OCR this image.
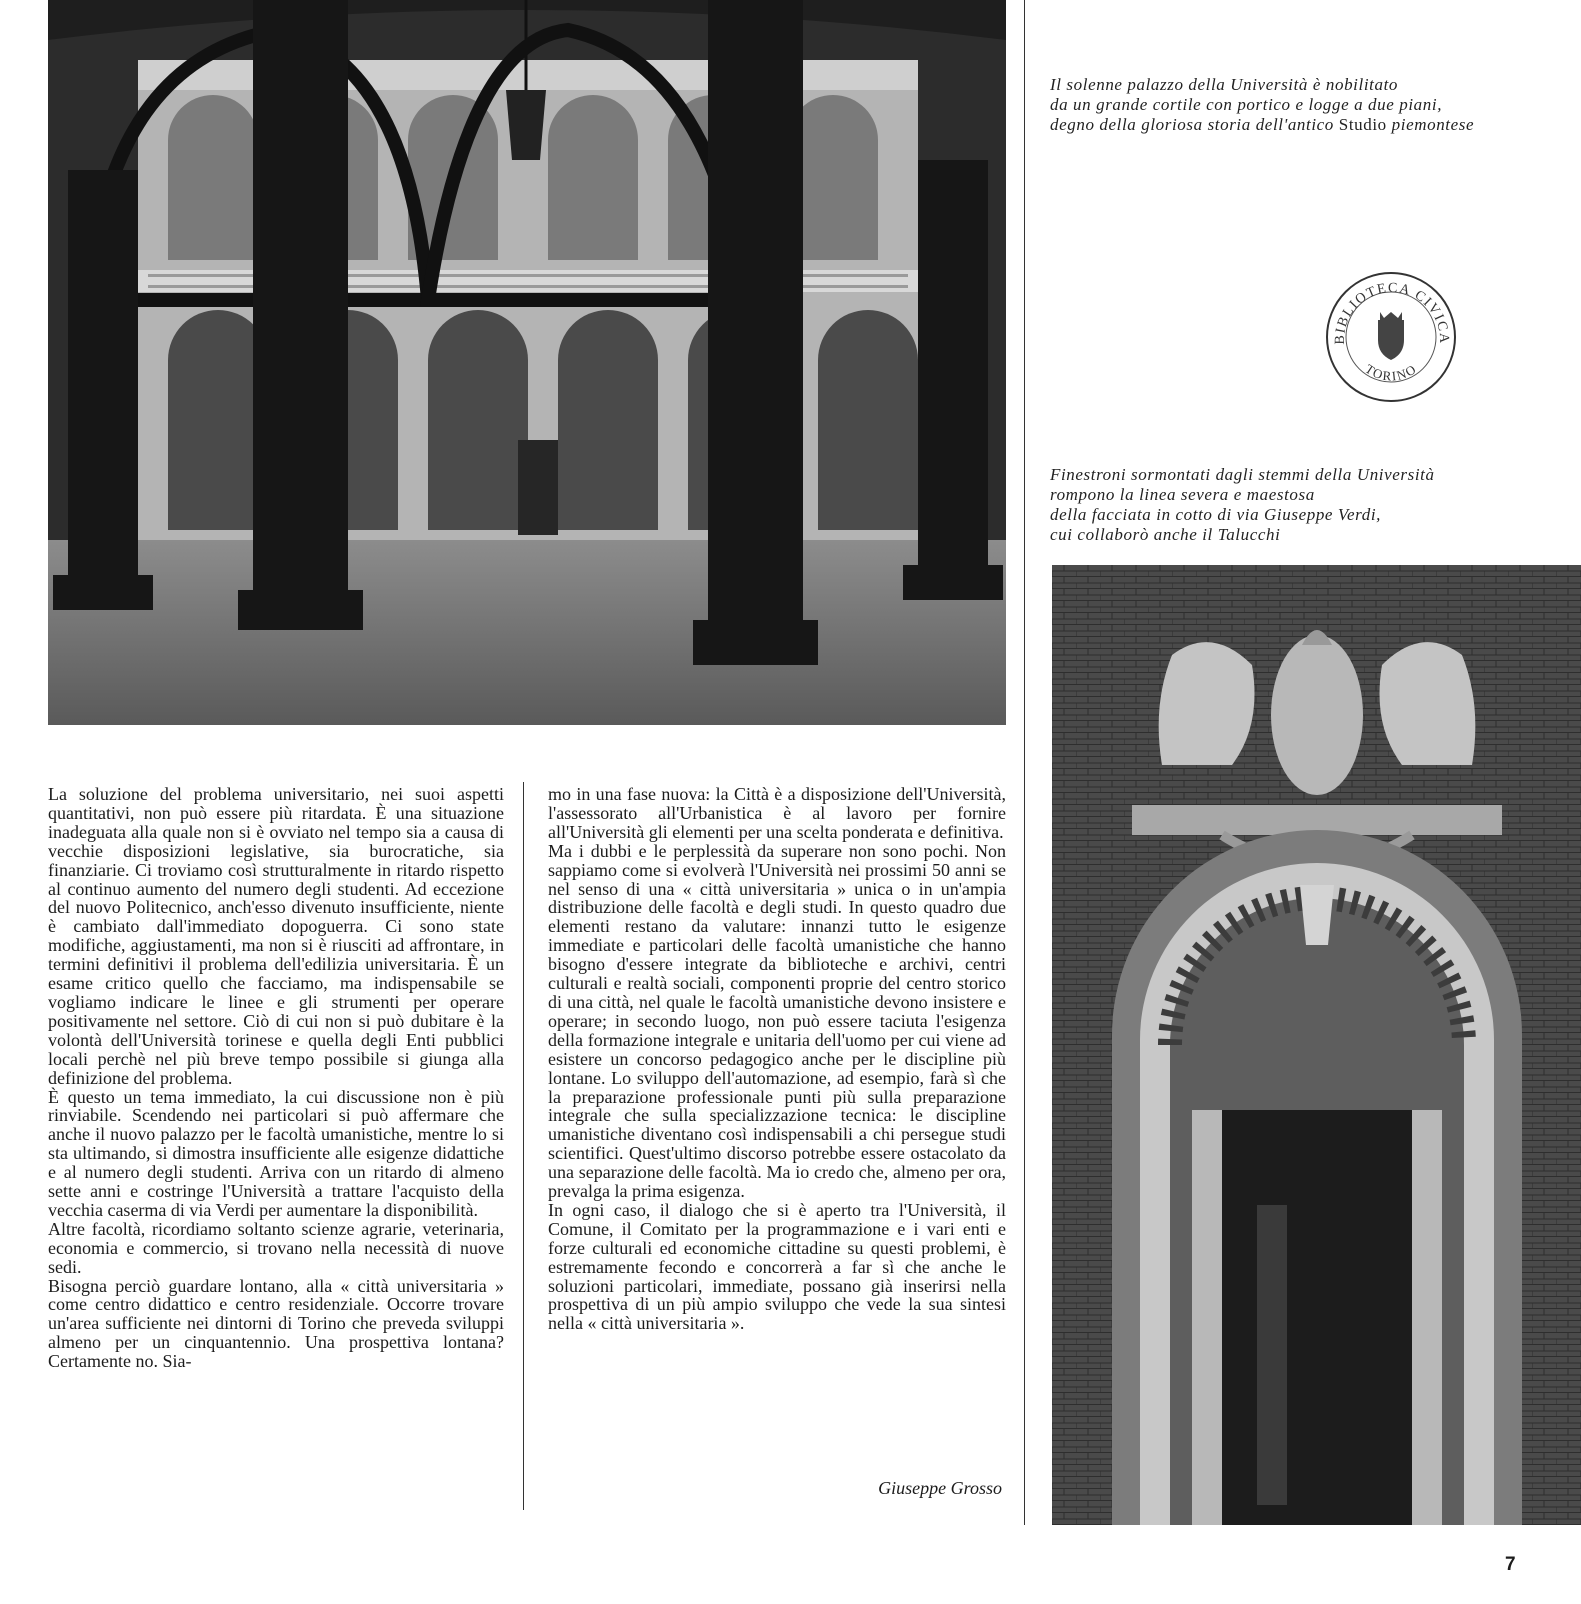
Il solenne palazzo della Università è nobilitato
da un grande cortile con portico e logge a due piani,
degno della gloriosa storia dell'antico Studio piemontese

BIBLIOTECA CIVICA
TORINO

Finestroni sormontati dagli stemmi della Università
rompono la linea severa e maestosa
della facciata in cotto di via Giuseppe Verdi,
cui collaborò anche il Talucchi

La soluzione del problema universitario, nei suoi aspetti quantitativi, non può essere più ritardata. È una situazione inadeguata alla quale non si è ovviato nel tempo sia a causa di vecchie disposizioni legislative, sia burocratiche, sia finanziarie. Ci troviamo così strutturalmente in ritardo rispetto al continuo aumento del numero degli studenti. Ad eccezione del nuovo Politecnico, anch'esso divenuto insufficiente, niente è cambiato dall'immediato dopoguerra. Ci sono state modifiche, aggiustamenti, ma non si è riusciti ad affrontare, in termini definitivi il problema dell'edilizia universitaria. È un esame critico quello che facciamo, ma indispensabile se vogliamo indicare le linee e gli strumenti per operare positivamente nel settore. Ciò di cui non si può dubitare è la volontà dell'Università torinese e quella degli Enti pubblici locali perchè nel più breve tempo possibile si giunga alla definizione del problema.

È questo un tema immediato, la cui discussione non è più rinviabile. Scendendo nei particolari si può affermare che anche il nuovo palazzo per le facoltà umanistiche, mentre lo si sta ultimando, si dimostra insufficiente alle esigenze didattiche e al numero degli studenti. Arriva con un ritardo di almeno sette anni e costringe l'Università a trattare l'acquisto della vecchia caserma di via Verdi per aumentare la disponibilità.

Altre facoltà, ricordiamo soltanto scienze agrarie, veterinaria, economia e commercio, si trovano nella necessità di nuove sedi.

Bisogna perciò guardare lontano, alla « città universitaria » come centro didattico e centro residenziale. Occorre trovare un'area sufficiente nei dintorni di Torino che preveda sviluppi almeno per un cinquantennio. Una prospettiva lontana? Certamente no. Sia-

mo in una fase nuova: la Città è a disposizione dell'Università, l'assessorato all'Urbanistica è al lavoro per fornire all'Università gli elementi per una scelta ponderata e definitiva.

Ma i dubbi e le perplessità da superare non sono pochi. Non sappiamo come si evolverà l'Università nei prossimi 50 anni se nel senso di una « città universitaria » unica o in un'ampia distribuzione delle facoltà e degli studi. In questo quadro due elementi restano da valutare: innanzi tutto le esigenze immediate e particolari delle facoltà umanistiche che hanno bisogno d'essere integrate da biblioteche e archivi, centri culturali e realtà sociali, componenti proprie del centro storico di una città, nel quale le facoltà umanistiche devono insistere e operare; in secondo luogo, non può essere taciuta l'esigenza della formazione integrale e unitaria dell'uomo per cui viene ad esistere un concorso pedagogico anche per le discipline più lontane. Lo sviluppo dell'automazione, ad esempio, farà sì che la preparazione professionale punti più sulla preparazione integrale che sulla specializzazione tecnica: le discipline umanistiche diventano così indispensabili a chi persegue studi scientifici. Quest'ultimo discorso potrebbe essere ostacolato da una separazione delle facoltà. Ma io credo che, almeno per ora, prevalga la prima esigenza.

In ogni caso, il dialogo che si è aperto tra l'Università, il Comune, il Comitato per la programmazione e i vari enti e forze culturali ed economiche cittadine su questi problemi, è estremamente fecondo e concorrerà a far sì che anche le soluzioni particolari, immediate, possano già inserirsi nella prospettiva di un più ampio sviluppo che vede la sua sintesi nella « città universitaria ».

Giuseppe Grosso
7
